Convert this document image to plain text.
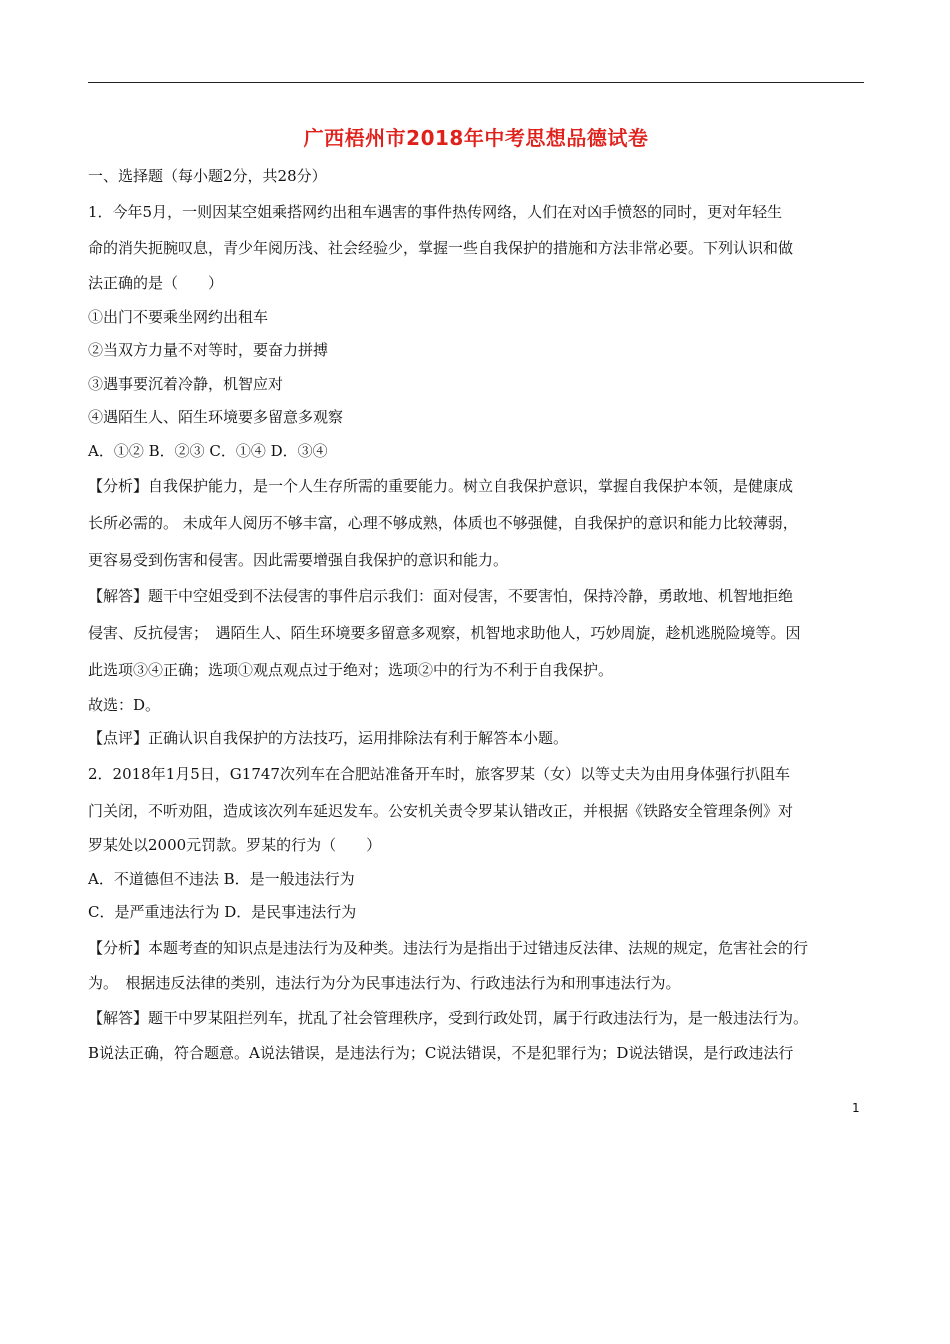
广西梧州市2018年中考思想品德试卷
一、选择题（每小题2分，共28分）
1．今年5月，一则因某空姐乘搭网约出租车遇害的事件热传网络，人们在对凶手愤怒的同时，更对年轻生
命的消失扼腕叹息，青少年阅历浅、社会经验少，掌握一些自我保护的措施和方法非常必要。下列认识和做
法正确的是（　　）
①出门不要乘坐网约出租车
②当双方力量不对等时，要奋力拼搏
③遇事要沉着冷静，机智应对
④遇陌生人、陌生环境要多留意多观察
A．①② B．②③ C．①④ D．③④
【分析】自我保护能力，是一个人生存所需的重要能力。树立自我保护意识，掌握自我保护本领，是健康成
长所必需的。 未成年人阅历不够丰富，心理不够成熟，体质也不够强健，自我保护的意识和能力比较薄弱，
更容易受到伤害和侵害。因此需要增强自我保护的意识和能力。
【解答】题干中空姐受到不法侵害的事件启示我们：面对侵害，不要害怕，保持冷静，勇敢地、机智地拒绝
侵害、反抗侵害；　遇陌生人、陌生环境要多留意多观察，机智地求助他人，巧妙周旋，趁机逃脱险境等。因
此选项③④正确；选项①观点观点过于绝对；选项②中的行为不利于自我保护。
故选：D。
【点评】正确认识自我保护的方法技巧，运用排除法有利于解答本小题。
2．2018年1月5日，G1747次列车在合肥站准备开车时，旅客罗某（女）以等丈夫为由用身体强行扒阻车
门关闭，不听劝阻，造成该次列车延迟发车。公安机关责令罗某认错改正，并根据《铁路安全管理条例》对
罗某处以2000元罚款。罗某的行为（　　）
A．不道德但不违法 B．是一般违法行为
C．是严重违法行为 D．是民事违法行为
【分析】本题考查的知识点是违法行为及种类。违法行为是指出于过错违反法律、法规的规定，危害社会的行
为。　根据违反法律的类别，违法行为分为民事违法行为、行政违法行为和刑事违法行为。
【解答】题干中罗某阻拦列车，扰乱了社会管理秩序，受到行政处罚，属于行政违法行为，是一般违法行为。
B说法正确，符合题意。A说法错误，是违法行为；C说法错误，不是犯罪行为；D说法错误，是行政违法行
1
